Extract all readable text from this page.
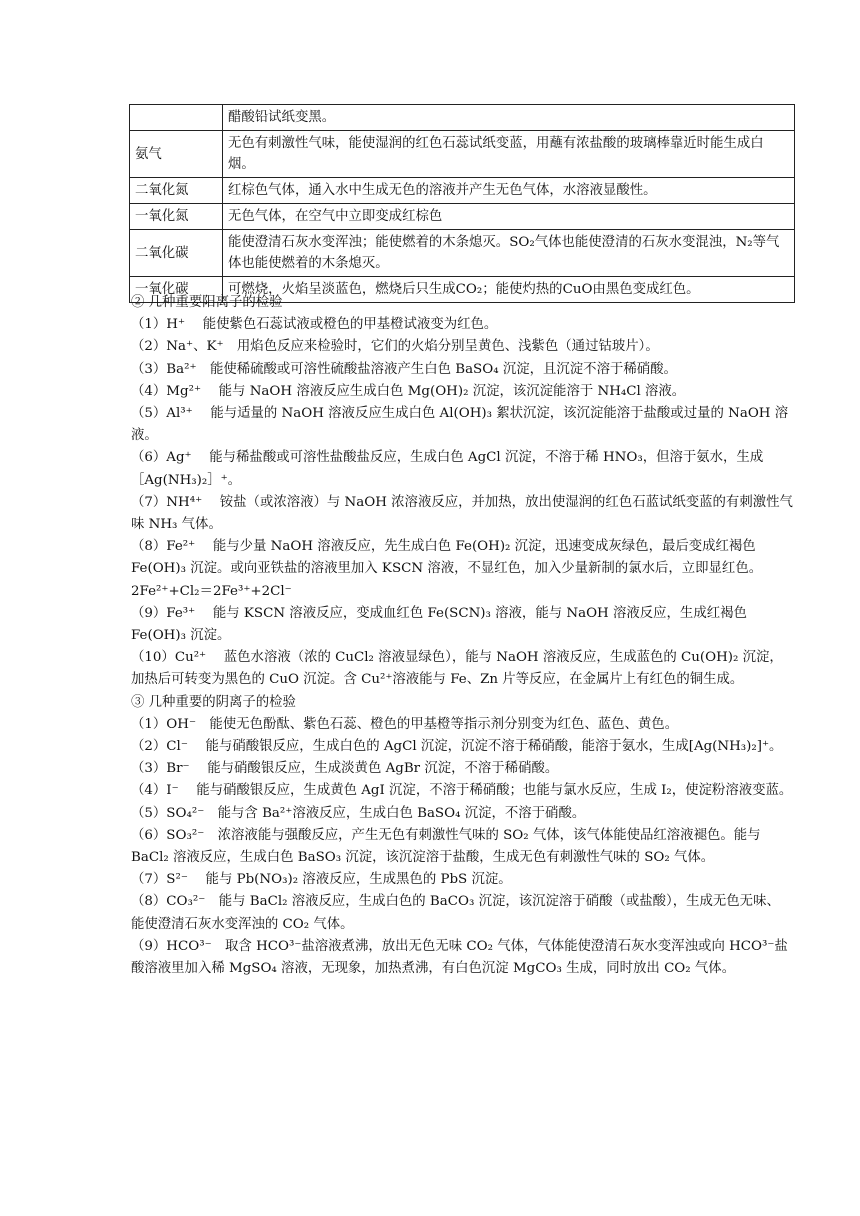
	醋酸铅试纸变黑。
氨气	无色有刺激性气味，能使湿润的红色石蕊试纸变蓝，用蘸有浓盐酸的玻璃棒靠近时能生成白烟。
二氧化氮	红棕色气体，通入水中生成无色的溶液并产生无色气体，水溶液显酸性。
一氧化氮	无色气体，在空气中立即变成红棕色
二氧化碳	能使澄清石灰水变浑浊；能使燃着的木条熄灭。SO₂气体也能使澄清的石灰水变混浊，N₂等气体也能使燃着的木条熄灭。
一氧化碳	可燃烧，火焰呈淡蓝色，燃烧后只生成CO₂；能使灼热的CuO由黑色变成红色。

② 几种重要阳离子的检验

（1）H⁺　 能使紫色石蕊试液或橙色的甲基橙试液变为红色。

（2）Na⁺、K⁺　用焰色反应来检验时，它们的火焰分别呈黄色、浅紫色（通过钴玻片）。

（3）Ba²⁺　能使稀硫酸或可溶性硫酸盐溶液产生白色 BaSO₄ 沉淀，且沉淀不溶于稀硝酸。

（4）Mg²⁺　 能与 NaOH 溶液反应生成白色 Mg(OH)₂ 沉淀，该沉淀能溶于 NH₄Cl 溶液。

（5）Al³⁺　 能与适量的 NaOH 溶液反应生成白色 Al(OH)₃ 絮状沉淀，该沉淀能溶于盐酸或过量的 NaOH 溶液。

（6）Ag⁺　 能与稀盐酸或可溶性盐酸盐反应，生成白色 AgCl 沉淀，不溶于稀 HNO₃，但溶于氨水，生成［Ag(NH₃)₂］⁺。

（7）NH⁴⁺　 铵盐（或浓溶液）与 NaOH 浓溶液反应，并加热，放出使湿润的红色石蓝试纸变蓝的有刺激性气味 NH₃ 气体。

（8）Fe²⁺　 能与少量 NaOH 溶液反应，先生成白色 Fe(OH)₂ 沉淀，迅速变成灰绿色，最后变成红褐色 Fe(OH)₃ 沉淀。或向亚铁盐的溶液里加入 KSCN 溶液，不显红色，加入少量新制的氯水后，立即显红色。2Fe²⁺+Cl₂＝2Fe³⁺+2Cl⁻

（9）Fe³⁺　 能与 KSCN 溶液反应，变成血红色 Fe(SCN)₃ 溶液，能与 NaOH 溶液反应，生成红褐色 Fe(OH)₃ 沉淀。

（10）Cu²⁺　 蓝色水溶液（浓的 CuCl₂ 溶液显绿色），能与 NaOH 溶液反应，生成蓝色的 Cu(OH)₂ 沉淀，加热后可转变为黑色的 CuO 沉淀。含 Cu²⁺溶液能与 Fe、Zn 片等反应，在金属片上有红色的铜生成。

③ 几种重要的阴离子的检验

（1）OH⁻　能使无色酚酞、紫色石蕊、橙色的甲基橙等指示剂分别变为红色、蓝色、黄色。

（2）Cl⁻　 能与硝酸银反应，生成白色的 AgCl 沉淀，沉淀不溶于稀硝酸，能溶于氨水，生成[Ag(NH₃)₂]⁺。

（3）Br⁻　 能与硝酸银反应，生成淡黄色 AgBr 沉淀，不溶于稀硝酸。

（4）I⁻　 能与硝酸银反应，生成黄色 AgI 沉淀，不溶于稀硝酸；也能与氯水反应，生成 I₂，使淀粉溶液变蓝。

（5）SO₄²⁻　能与含 Ba²⁺溶液反应，生成白色 BaSO₄ 沉淀，不溶于硝酸。

（6）SO₃²⁻　浓溶液能与强酸反应，产生无色有刺激性气味的 SO₂ 气体，该气体能使品红溶液褪色。能与 BaCl₂ 溶液反应，生成白色 BaSO₃ 沉淀，该沉淀溶于盐酸，生成无色有刺激性气味的 SO₂ 气体。

（7）S²⁻　 能与 Pb(NO₃)₂ 溶液反应，生成黑色的 PbS 沉淀。

（8）CO₃²⁻　能与 BaCl₂ 溶液反应，生成白色的 BaCO₃ 沉淀，该沉淀溶于硝酸（或盐酸），生成无色无味、能使澄清石灰水变浑浊的 CO₂ 气体。

（9）HCO³⁻　取含 HCO³⁻盐溶液煮沸，放出无色无味 CO₂ 气体，气体能使澄清石灰水变浑浊或向 HCO³⁻盐酸溶液里加入稀 MgSO₄ 溶液，无现象，加热煮沸，有白色沉淀 MgCO₃ 生成，同时放出 CO₂ 气体。
